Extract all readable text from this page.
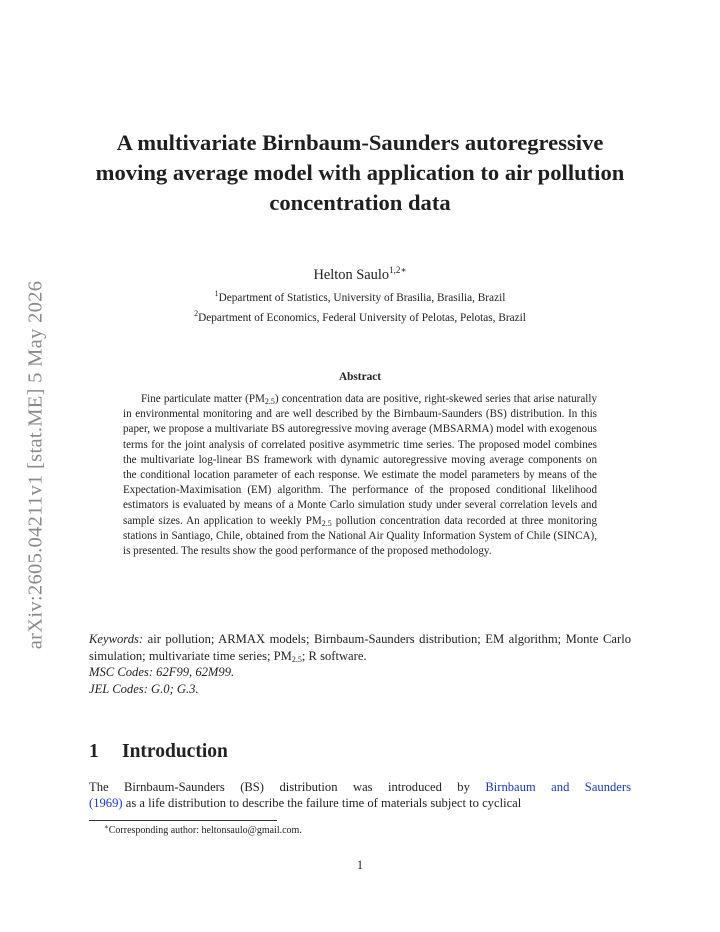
arXiv:2605.04211v1 [stat.ME] 5 May 2026
A multivariate Birnbaum-Saunders autoregressive moving average model with application to air pollution concentration data
Helton Saulo$^{1,2∗}$
$^1$Department of Statistics, University of Brasilia, Brasilia, Brazil
$^2$Department of Economics, Federal University of Pelotas, Pelotas, Brazil
Abstract
Fine particulate matter $(PM_{2.5})$ concentration data are positive, right-skewed series that arise naturally in environmental monitoring and are well described by the Birnbaum-Saunders (BS) distribution. In this paper, we propose a multivariate BS autoregressive moving average (MBSARMA) model with exogenous terms for the joint analysis of correlated positive asymmetric time series. The proposed model combines the multivariate log-linear BS framework with dynamic autoregressive moving average components on the conditional location parameter of each response. We estimate the model parameters by means of the Expectation-Maximisation (EM) algorithm. The performance of the proposed conditional likelihood estimators is evaluated by means of a Monte Carlo simulation study under several correlation levels and sample sizes. An application to weekly $PM_{2.5}$ pollution concentration data recorded at three monitoring stations in Santiago, Chile, obtained from the National Air Quality Information System of Chile (SINCA), is presented. The results show the good performance of the proposed methodology.
Keywords: air pollution; ARMAX models; Birnbaum-Saunders distribution; EM algorithm; Monte Carlo simulation; multivariate time series; $PM_{2.5}$; R software.
MSC Codes: 62F99, 62M99.
JEL Codes: G.0; G.3.
1 Introduction
The Birnbaum-Saunders (BS) distribution was introduced by Birnbaum and Saunders
(1969) as a life distribution to describe the failure time of materials subject to cyclical
∗Corresponding author: heltonsaulo@gmail.com.
1
